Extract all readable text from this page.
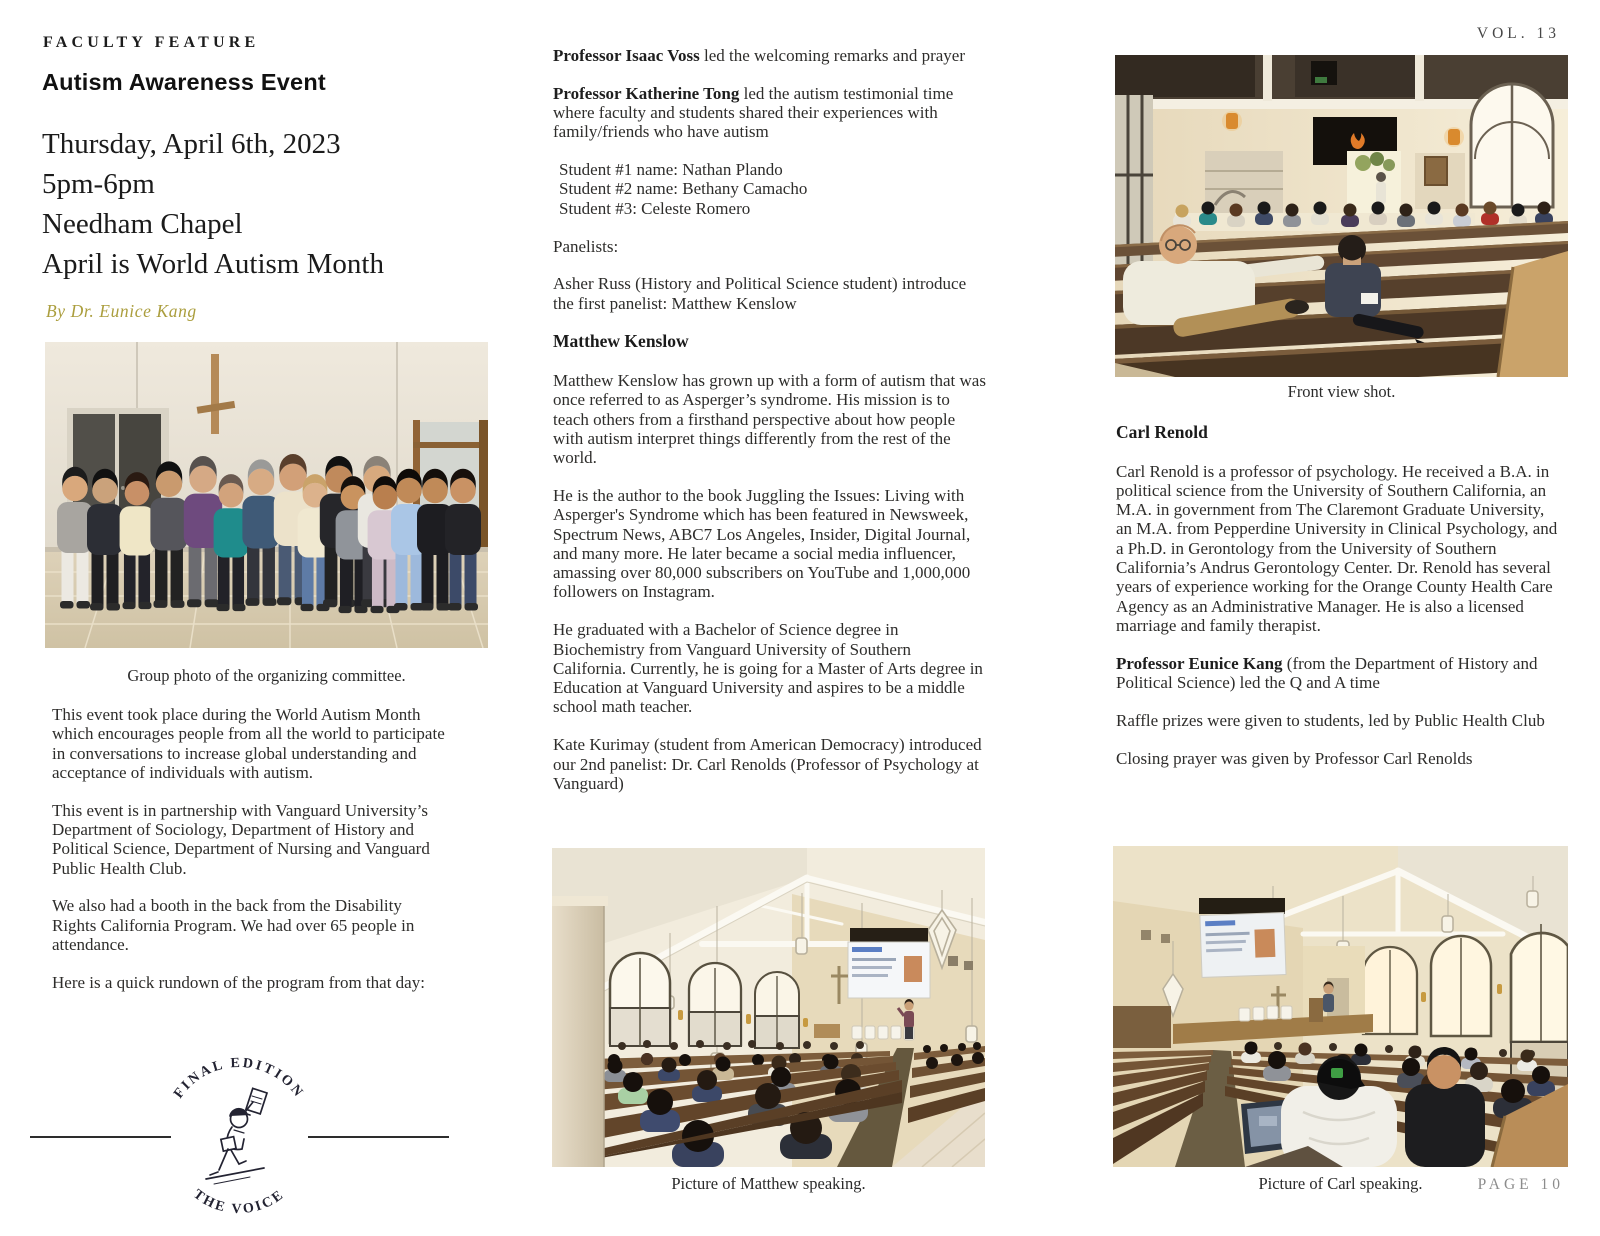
FACULTY FEATURE
Autism Awareness Event
Thursday, April 6th, 2023
5pm-6pm
Needham Chapel
April is World Autism Month
By Dr. Eunice Kang
Group photo of the organizing committee.

This event took place during the World Autism Month which encourages people from all the world to participate in conversations to increase global understanding and acceptance of individuals with autism.

This event is in partnership with Vanguard University’s Department of Sociology, Department of History and Political Science, Department of Nursing and Vanguard Public Health Club.

We also had a booth in the back from the Disability Rights California Program. We had over 65 people in attendance.

Here is a quick rundown of the program from that day:

FINAL EDITION
THE VOICE

Professor Isaac Voss led the welcoming remarks and prayer

Professor Katherine Tong led the autism testimonial time where faculty and students shared their experiences with family/friends who have autism

Student #1 name: Nathan Plando
Student #2 name: Bethany Camacho
Student #3: Celeste Romero

Panelists:

Asher Russ (History and Political Science student) introduce the first panelist: Matthew Kenslow

Matthew Kenslow

Matthew Kenslow has grown up with a form of autism that was once referred to as Asperger’s syndrome. His mission is to teach others from a firsthand perspective about how people with autism interpret things differently from the rest of the world.

He is the author to the book Juggling the Issues: Living with Asperger's Syndrome which has been featured in Newsweek, Spectrum News, ABC7 Los Angeles, Insider, Digital Journal, and many more. He later became a social media influencer, amassing over 80,000 subscribers on YouTube and 1,000,000 followers on Instagram.

He graduated with a Bachelor of Science degree in Biochemistry from Vanguard University of Southern California. Currently, he is going for a Master of Arts degree in Education at Vanguard University and aspires to be a middle school math teacher.

Kate Kurimay (student from American Democracy) introduced our 2nd panelist: Dr. Carl Renolds (Professor of Psychology at Vanguard)

Picture of Matthew speaking.
VOL. 13
Front view shot.
Carl Renold

Carl Renold is a professor of psychology. He received a B.A. in political science from the University of Southern California, an M.A. in government from The Claremont Graduate University, an M.A. from Pepperdine University in Clinical Psychology, and a Ph.D. in Gerontology from the University of Southern California’s Andrus Gerontology Center. Dr. Renold has several years of experience working for the Orange County Health Care Agency as an Administrative Manager. He is also a licensed marriage and family therapist.

Professor Eunice Kang (from the Department of History and Political Science) led the Q and A time

Raffle prizes were given to students, led by Public Health Club

Closing prayer was given by Professor Carl Renolds

Picture of Carl speaking.	PAGE 10
